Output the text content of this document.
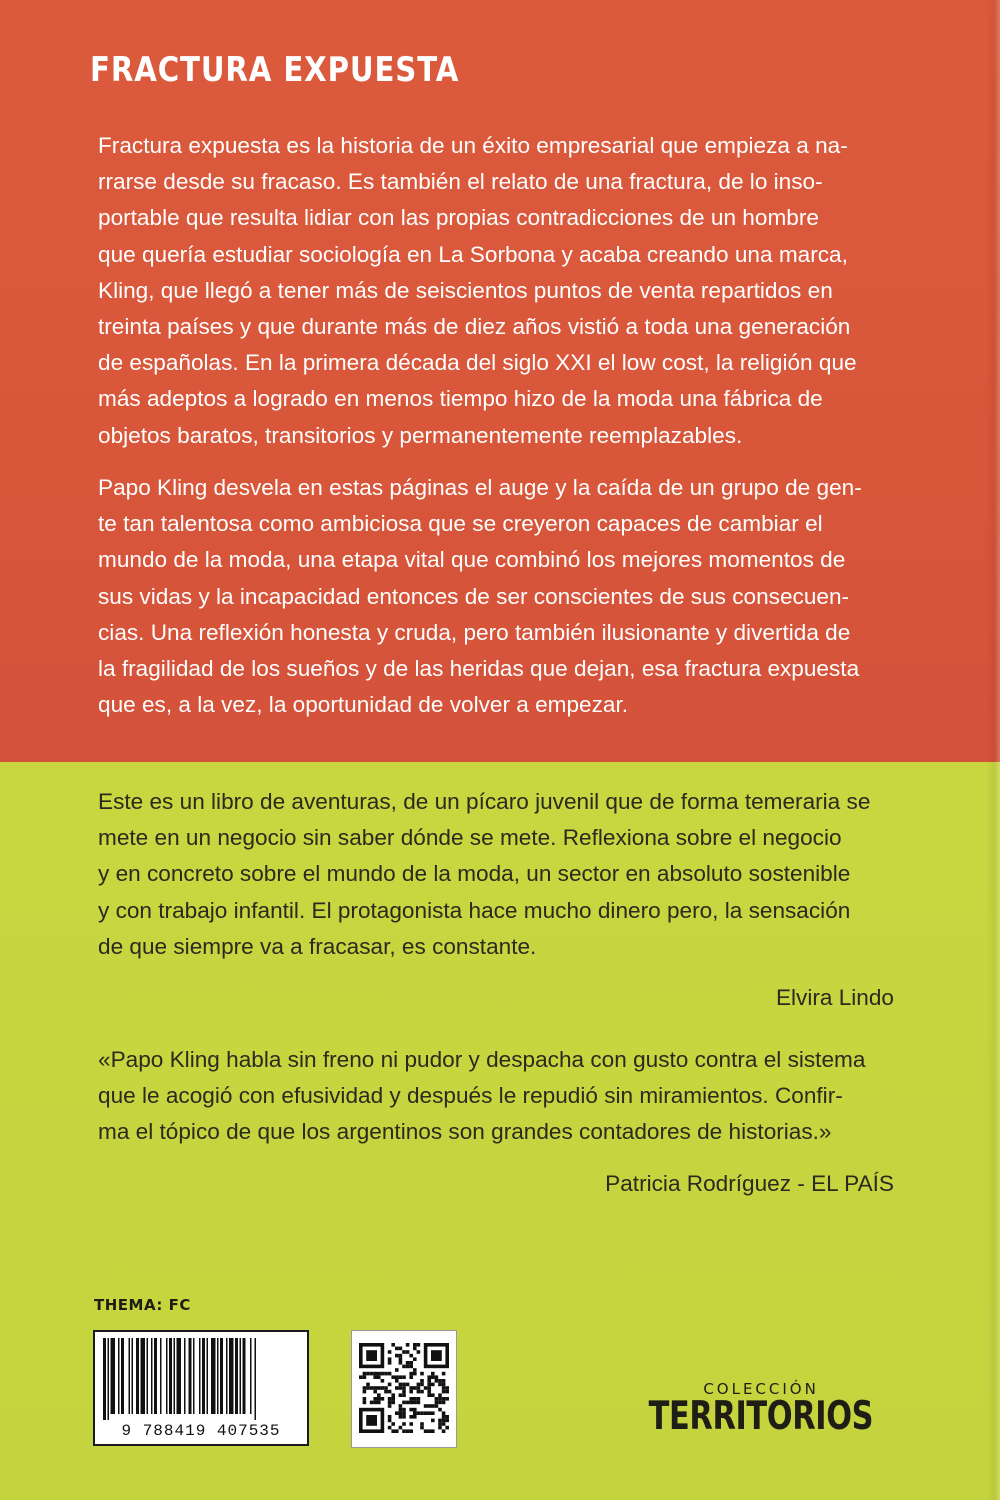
FRACTURA EXPUESTA
Fractura expuesta es la historia de un éxito empresarial que empieza a na-
rrarse desde su fracaso. Es también el relato de una fractura, de lo inso-
portable que resulta lidiar con las propias contradicciones de un hombre
que quería estudiar sociología en La Sorbona y acaba creando una marca,
Kling, que llegó a tener más de seiscientos puntos de venta repartidos en
treinta países y que durante más de diez años vistió a toda una generación
de españolas. En la primera década del siglo XXI el low cost, la religión que
más adeptos a logrado en menos tiempo hizo de la moda una fábrica de
objetos baratos, transitorios y permanentemente reemplazables.
Papo Kling desvela en estas páginas el auge y la caída de un grupo de gen-
te tan talentosa como ambiciosa que se creyeron capaces de cambiar el
mundo de la moda, una etapa vital que combinó los mejores momentos de
sus vidas y la incapacidad entonces de ser conscientes de sus consecuen-
cias. Una reflexión honesta y cruda, pero también ilusionante y divertida de
la fragilidad de los sueños y de las heridas que dejan, esa fractura expuesta
que es, a la vez, la oportunidad de volver a empezar.
Este es un libro de aventuras, de un pícaro juvenil que de forma temeraria se
mete en un negocio sin saber dónde se mete. Reflexiona sobre el negocio
y en concreto sobre el mundo de la moda, un sector en absoluto sostenible
y con trabajo infantil. El protagonista hace mucho dinero pero, la sensación
de que siempre va a fracasar, es constante.
Elvira Lindo
«Papo Kling habla sin freno ni pudor y despacha con gusto contra el sistema
que le acogió con efusividad y después le repudió sin miramientos. Confir-
ma el tópico de que los argentinos son grandes contadores de historias.»
Patricia Rodríguez - EL PAÍS
THEMA: FC
9 788419 407535
COLECCIÓN
TERRITORIOS
